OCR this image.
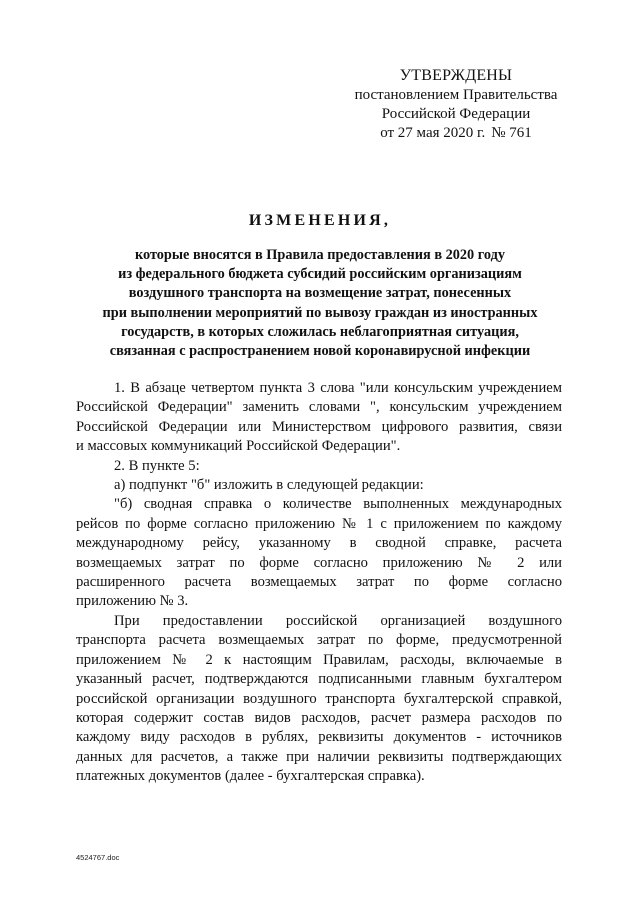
УТВЕРЖДЕНЫ
постановлением Правительства
Российской Федерации
от 27 мая 2020 г. № 761
ИЗМЕНЕНИЯ,
которые вносятся в Правила предоставления в 2020 году
из федерального бюджета субсидий российским организациям
воздушного транспорта на возмещение затрат, понесенных
при выполнении мероприятий по вывозу граждан из иностранных
государств, в которых сложилась неблагоприятная ситуация,
связанная с распространением новой коронавирусной инфекции
1. В абзаце четвертом пункта 3 слова "или консульским учреждением
Российской Федерации" заменить словами ", консульским учреждением
Российской Федерации или Министерством цифрового развития, связи
и массовых коммуникаций Российской Федерации".
2. В пункте 5:
а) подпункт "б" изложить в следующей редакции:
"б) сводная справка о количестве выполненных международных
рейсов по форме согласно приложению № 1 с приложением по каждому
международному рейсу, указанному в сводной справке, расчета
возмещаемых затрат по форме согласно приложению № 2 или
расширенного расчета возмещаемых затрат по форме согласно
приложению № 3.
При предоставлении российской организацией воздушного
транспорта расчета возмещаемых затрат по форме, предусмотренной
приложением № 2 к настоящим Правилам, расходы, включаемые в
указанный расчет, подтверждаются подписанными главным бухгалтером
российской организации воздушного транспорта бухгалтерской справкой,
которая содержит состав видов расходов, расчет размера расходов по
каждому виду расходов в рублях, реквизиты документов - источников
данных для расчетов, а также при наличии реквизиты подтверждающих
платежных документов (далее - бухгалтерская справка).
4524767.doc
